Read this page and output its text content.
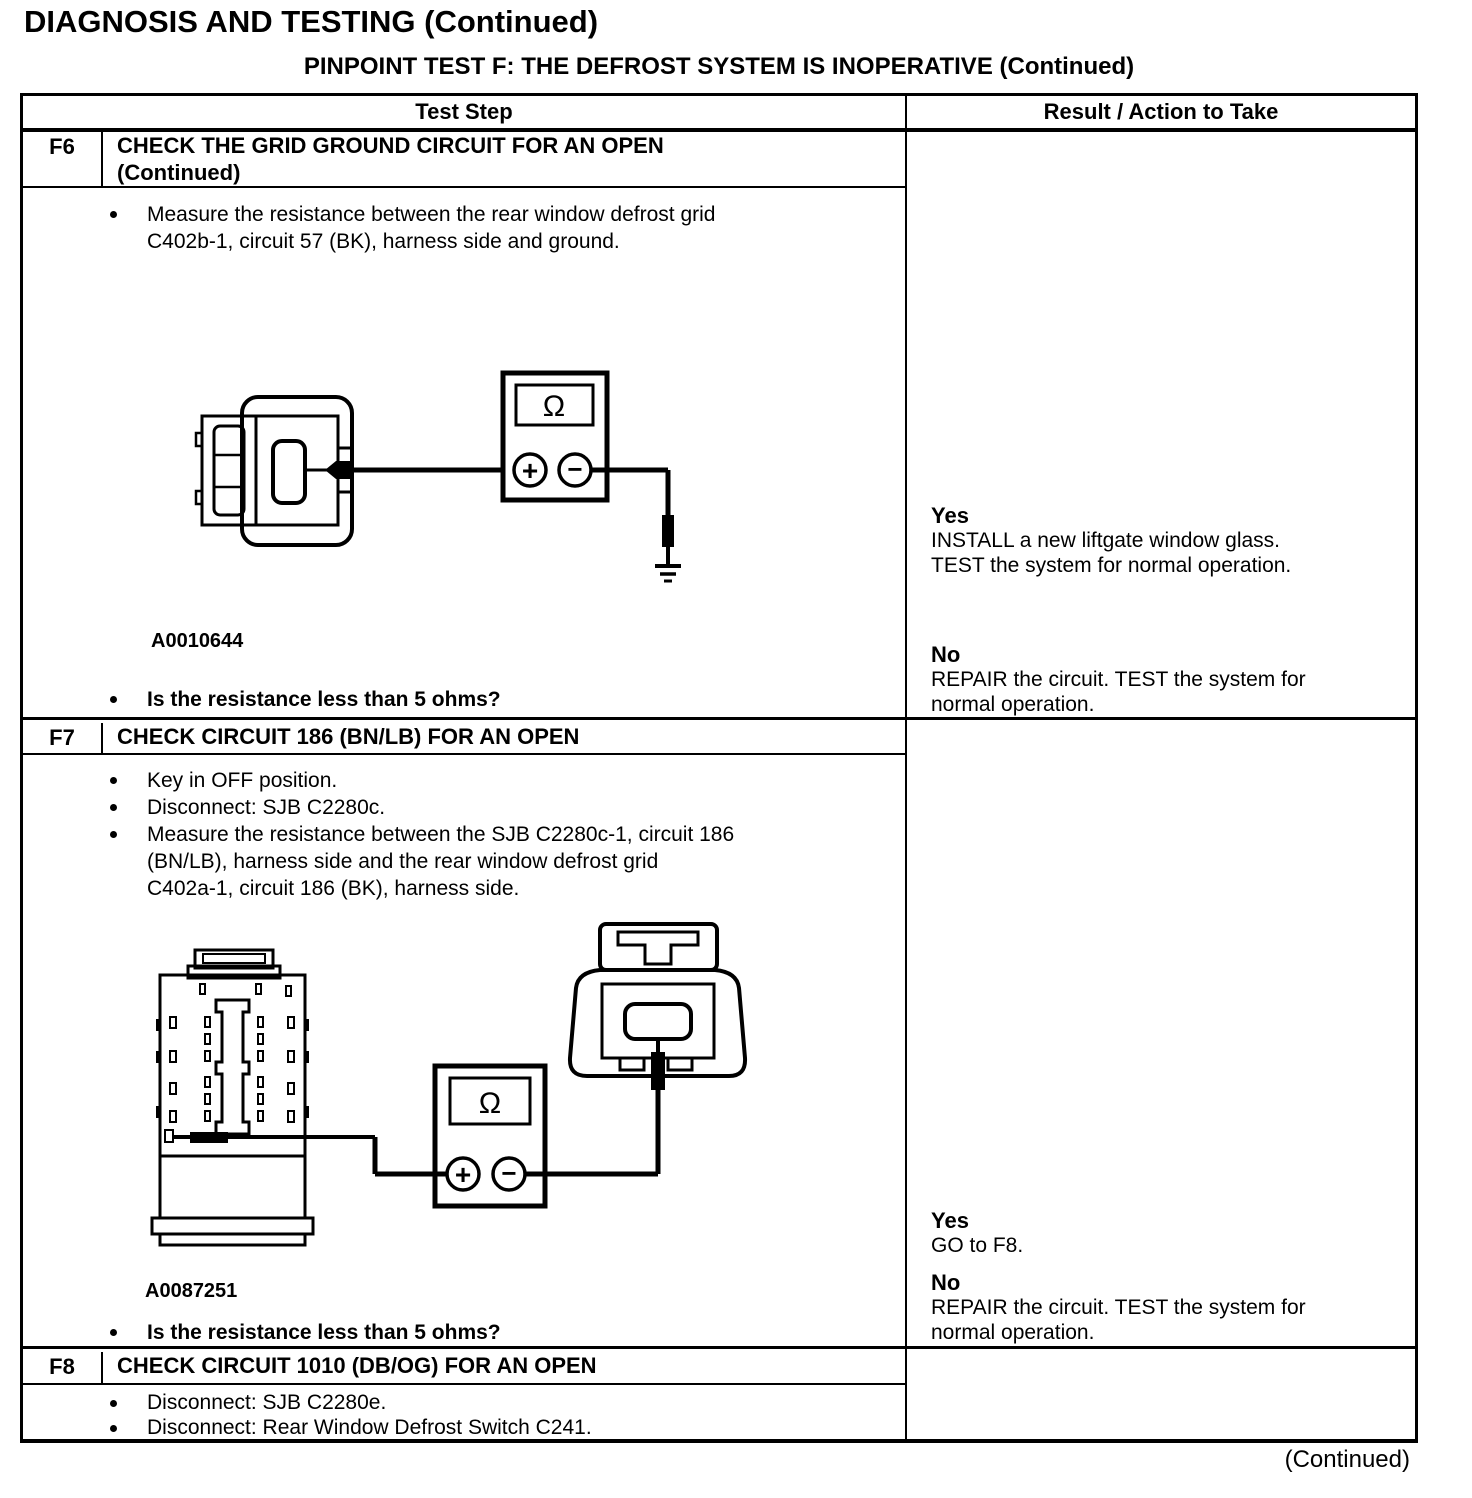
DIAGNOSIS AND TESTING (Continued)
PINPOINT TEST F: THE DEFROST SYSTEM IS INOPERATIVE (Continued)
Test Step	Result / Action to Take
F6	CHECK THE GRID GROUND CIRCUIT FOR AN OPEN
(Continued)
Measure the resistance between the rear window defrost grid
C402b-1, circuit 57 (BK), harness side and ground.
Ω
+ −
A0010644
Is the resistance less than 5 ohms?
Yes
INSTALL a new liftgate window glass. TEST the system for normal operation.
No
REPAIR the circuit. TEST the system for normal operation.
F7	CHECK CIRCUIT 186 (BN/LB) FOR AN OPEN
Key in OFF position.
Disconnect: SJB C2280c.
Measure the resistance between the SJB C2280c-1, circuit 186
(BN/LB), harness side and the rear window defrost grid
C402a-1, circuit 186 (BK), harness side.
Ω
+ −
A0087251
Is the resistance less than 5 ohms?
Yes
GO to F8.
No
REPAIR the circuit. TEST the system for normal operation.
F8	CHECK CIRCUIT 1010 (DB/OG) FOR AN OPEN
Disconnect: SJB C2280e.
Disconnect: Rear Window Defrost Switch C241.
(Continued)
